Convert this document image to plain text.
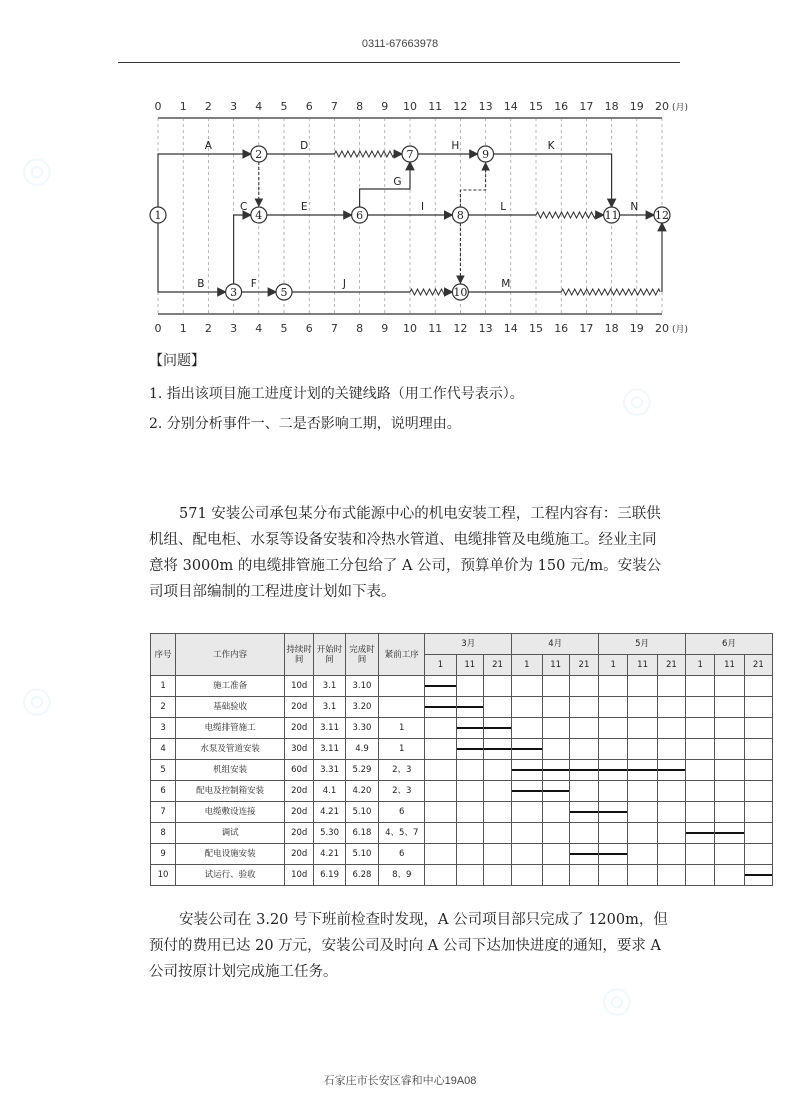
◎
◎
◎
◎
0311-67663978
0 1 2 3 4 5 6 7 8 9 10 11 12 13 14 15 16 17 18 19 20 (月)
0 1 2 3 4 5 6 7 8 9 10 11 12 13 14 15 16 17 18 19 20 (月)
1
2
3
4
5
6
7
8
9
10
11	12
A
B
C
D
E
F
G
H
I
J
K
L
M
N
【问题】
1. 指出该项目施工进度计划的关键线路（用工作代号表示）。
2. 分别分析事件一、二是否影响工期，说明理由。
571 安装公司承包某分布式能源中心的机电安装工程，工程内容有：三联供机组、配电柜、水泵等设备安装和冷热水管道、电缆排管及电缆施工。经业主同意将 3000m 的电缆排管施工分包给了 A 公司，预算单价为 150 元/m。安装公司项目部编制的工程进度计划如下表。
序号	工作内容	持续时间	开始时间	完成时间	紧前工序	3月			4月			5月			6月		
						1	11	21	1	11	21	1	11	21	1	11	21
1	施工准备	10d	3.1	3.10		

2	基础验收	20d	3.1	3.20		

3	电缆排管施工	20d	3.11	3.30	1		

4	水泵及管道安装	30d	3.11	4.9	1		

5	机组安装	60d	3.31	5.29	2、3				

6	配电及控制箱安装	20d	4.1	4.20	2、3				

7	电缆敷设连接	20d	4.21	5.10	6						

8	调试	20d	5.30	6.18	4、5、7										

9	配电设施安装	20d	4.21	5.10	6						

10	试运行、验收	10d	6.19	6.28	8、9												
安装公司在 3.20 号下班前检查时发现，A 公司项目部只完成了 1200m，但预付的费用已达 20 万元，安装公司及时向 A 公司下达加快进度的通知，要求 A 公司按原计划完成施工任务。
石家庄市长安区睿和中心19A08
